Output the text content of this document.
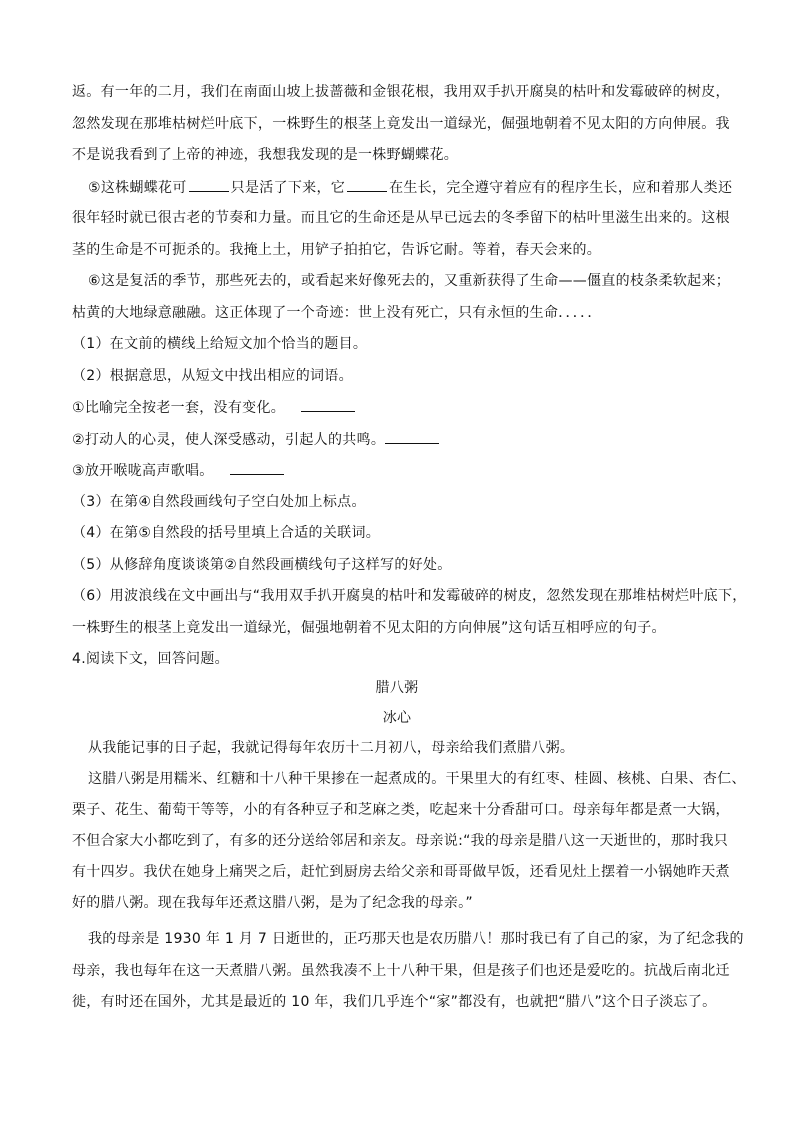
返。有一年的二月，我们在南面山坡上拔蔷薇和金银花根，我用双手扒开腐臭的枯叶和发霉破碎的树皮，
忽然发现在那堆枯树烂叶底下，一株野生的根茎上竟发出一道绿光，倔强地朝着不见太阳的方向伸展。我
不是说我看到了上帝的神迹，我想我发现的是一株野蝴蝶花。
⑤这株蝴蝶花可	只是活了下来，它	在生长，完全遵守着应有的程序生长，应和着那人类还
很年轻时就已很古老的节奏和力量。而且它的生命还是从早已远去的冬季留下的枯叶里滋生出来的。这根
茎的生命是不可扼杀的。我掩上土，用铲子拍拍它，告诉它耐。等着，春天会来的。
⑥这是复活的季节，那些死去的，或看起来好像死去的，又重新获得了生命——僵直的枝条柔软起来；
枯黄的大地绿意融融。这正体现了一个奇迹：世上没有死亡，只有永恒的生命．．．．．
（1）在文前的横线上给短文加个恰当的题目。
（2）根据意思，从短文中找出相应的词语。
①比喻完全按老一套，没有变化。
②打动人的心灵，使人深受感动，引起人的共鸣。
③放开喉咙高声歌唱。
（3）在第④自然段画线句子空白处加上标点。
（4）在第⑤自然段的括号里填上合适的关联词。
（5）从修辞角度谈谈第②自然段画横线句子这样写的好处。
（6）用波浪线在文中画出与“我用双手扒开腐臭的枯叶和发霉破碎的树皮，忽然发现在那堆枯树烂叶底下，
一株野生的根茎上竟发出一道绿光，倔强地朝着不见太阳的方向伸展”这句话互相呼应的句子。
4.阅读下文，回答问题。
腊八粥
冰心
从我能记事的日子起，我就记得每年农历十二月初八，母亲给我们煮腊八粥。
这腊八粥是用糯米、红糖和十八种干果掺在一起煮成的。干果里大的有红枣、桂圆、核桃、白果、杏仁、
栗子、花生、葡萄干等等，小的有各种豆子和芝麻之类，吃起来十分香甜可口。母亲每年都是煮一大锅，
不但合家大小都吃到了，有多的还分送给邻居和亲友。母亲说:“我的母亲是腊八这一天逝世的，那时我只
有十四岁。我伏在她身上痛哭之后，赶忙到厨房去给父亲和哥哥做早饭，还看见灶上摆着一小锅她昨天煮
好的腊八粥。现在我每年还煮这腊八粥，是为了纪念我的母亲。”
我的母亲是 1930 年 1 月 7 日逝世的，正巧那天也是农历腊八！那时我已有了自己的家，为了纪念我的
母亲，我也每年在这一天煮腊八粥。虽然我凑不上十八种干果，但是孩子们也还是爱吃的。抗战后南北迁
徙，有时还在国外，尤其是最近的 10 年，我们几乎连个“家”都没有，也就把“腊八”这个日子淡忘了。
